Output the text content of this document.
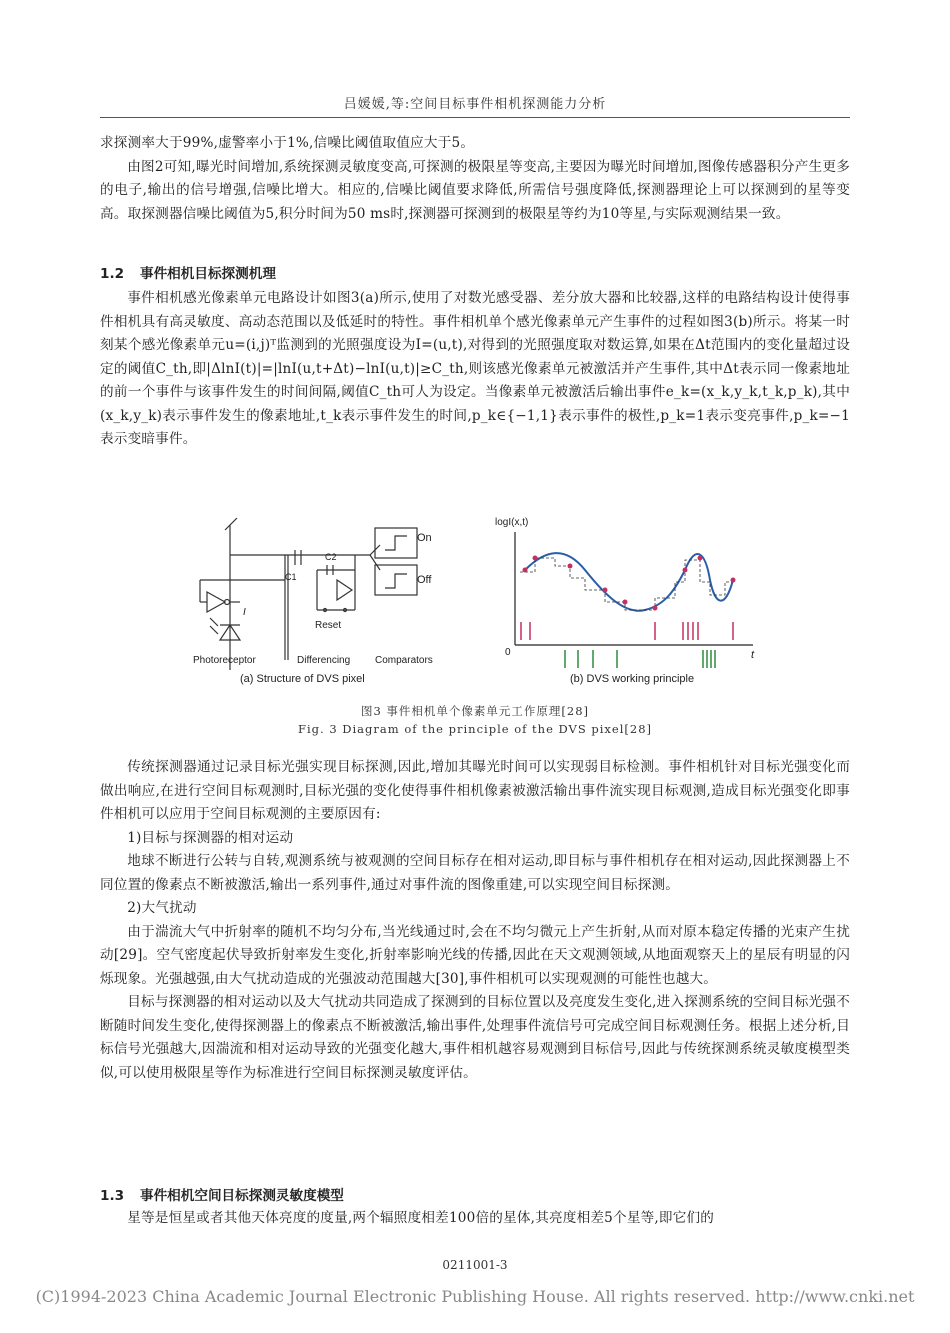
吕媛媛,等:空间目标事件相机探测能力分析

求探测率大于99%,虚警率小于1%,信噪比阈值取值应大于5。

由图2可知,曝光时间增加,系统探测灵敏度变高,可探测的极限星等变高,主要因为曝光时间增加,图像传感器积分产生更多的电子,输出的信号增强,信噪比增大。相应的,信噪比阈值要求降低,所需信号强度降低,探测器理论上可以探测到的星等变高。取探测器信噪比阈值为5,积分时间为50 ms时,探测器可探测到的极限星等约为10等星,与实际观测结果一致。

1.2 事件相机目标探测机理

事件相机感光像素单元电路设计如图3(a)所示,使用了对数光感受器、差分放大器和比较器,这样的电路结构设计使得事件相机具有高灵敏度、高动态范围以及低延时的特性。事件相机单个感光像素单元产生事件的过程如图3(b)所示。将某一时刻某个感光像素单元u=(i,j)ᵀ监测到的光照强度设为I=(u,t),对得到的光照强度取对数运算,如果在Δt范围内的变化量超过设定的阈值C_th,即|ΔlnI(t)|=|lnI(u,t+Δt)−lnI(u,t)|≥C_th,则该感光像素单元被激活并产生事件,其中Δt表示同一像素地址的前一个事件与该事件发生的时间间隔,阈值C_th可人为设定。当像素单元被激活后输出事件e_k=(x_k,y_k,t_k,p_k),其中(x_k,y_k)表示事件发生的像素地址,t_k表示事件发生的时间,p_k∈{−1,1}表示事件的极性,p_k=1表示变亮事件,p_k=−1表示变暗事件。

On
Off
C1
C2
I
Reset
Photoreceptor	Differencing Comparators
(a) Structure of DVS pixel
logI(x,t)
t
0
(b) DVS working principle
图3 事件相机单个像素单元工作原理[28]
Fig. 3 Diagram of the principle of the DVS pixel[28]

传统探测器通过记录目标光强实现目标探测,因此,增加其曝光时间可以实现弱目标检测。事件相机针对目标光强变化而做出响应,在进行空间目标观测时,目标光强的变化使得事件相机像素被激活输出事件流实现目标观测,造成目标光强变化即事件相机可以应用于空间目标观测的主要原因有:

1)目标与探测器的相对运动

地球不断进行公转与自转,观测系统与被观测的空间目标存在相对运动,即目标与事件相机存在相对运动,因此探测器上不同位置的像素点不断被激活,输出一系列事件,通过对事件流的图像重建,可以实现空间目标探测。

2)大气扰动

由于湍流大气中折射率的随机不均匀分布,当光线通过时,会在不均匀微元上产生折射,从而对原本稳定传播的光束产生扰动[29]。空气密度起伏导致折射率发生变化,折射率影响光线的传播,因此在天文观测领域,从地面观察天上的星辰有明显的闪烁现象。光强越强,由大气扰动造成的光强波动范围越大[30],事件相机可以实现观测的可能性也越大。

目标与探测器的相对运动以及大气扰动共同造成了探测到的目标位置以及亮度发生变化,进入探测系统的空间目标光强不断随时间发生变化,使得探测器上的像素点不断被激活,输出事件,处理事件流信号可完成空间目标观测任务。根据上述分析,目标信号光强越大,因湍流和相对运动导致的光强变化越大,事件相机越容易观测到目标信号,因此与传统探测系统灵敏度模型类似,可以使用极限星等作为标准进行空间目标探测灵敏度评估。

1.3 事件相机空间目标探测灵敏度模型

星等是恒星或者其他天体亮度的度量,两个辐照度相差100倍的星体,其亮度相差5个星等,即它们的

0211001-3
(C)1994-2023 China Academic Journal Electronic Publishing House. All rights reserved. http://www.cnki.net
